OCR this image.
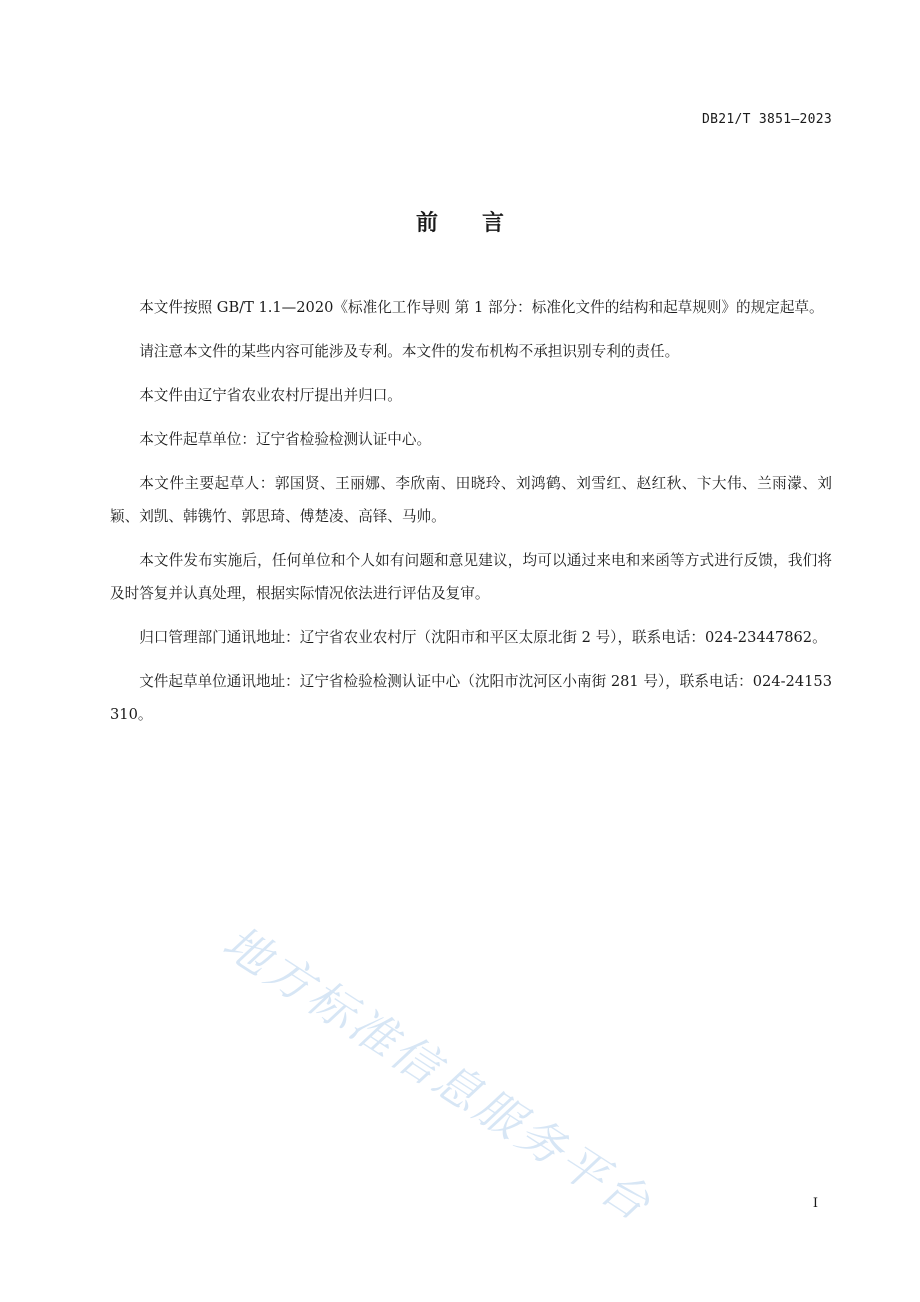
DB21/T 3851—2023
前言

本文件按照 GB/T 1.1—2020《标准化工作导则 第 1 部分：标准化文件的结构和起草规则》的规定起草。

请注意本文件的某些内容可能涉及专利。本文件的发布机构不承担识别专利的责任。

本文件由辽宁省农业农村厅提出并归口。

本文件起草单位：辽宁省检验检测认证中心。

本文件主要起草人：郭国贤、王丽娜、李欣南、田晓玲、刘鸿鹤、刘雪红、赵红秋、卞大伟、兰雨濛、刘颖、刘凯、韩镌竹、郭思琦、傅楚凌、高铎、马帅。

本文件发布实施后，任何单位和个人如有问题和意见建议，均可以通过来电和来函等方式进行反馈，我们将及时答复并认真处理，根据实际情况依法进行评估及复审。

归口管理部门通讯地址：辽宁省农业农村厅（沈阳市和平区太原北街 2 号），联系电话：024-23447862。

文件起草单位通讯地址：辽宁省检验检测认证中心（沈阳市沈河区小南街 281 号），联系电话：024-24153310。

地方标准信息服务平台	I
